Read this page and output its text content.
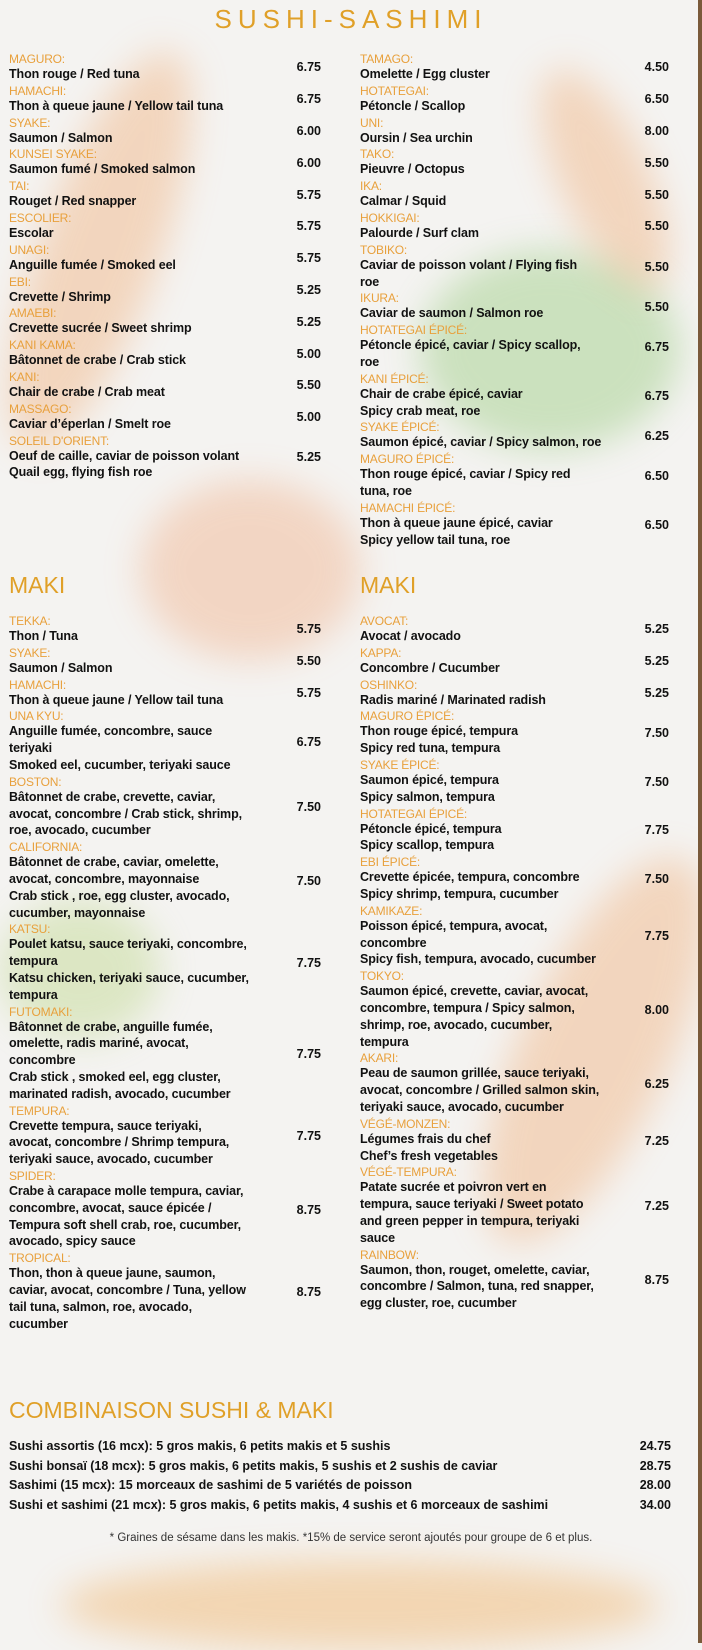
SUSHI-SASHIMI
MAGURO:
Thon rouge / Red tuna	6.75
HAMACHI:
Thon à queue jaune / Yellow tail tuna	6.75
SYAKE:
Saumon / Salmon	6.00
KUNSEI SYAKE:
Saumon fumé / Smoked salmon	6.00
TAI:
Rouget / Red snapper	5.75
ESCOLIER:
Escolar	5.75
UNAGI:
Anguille fumée / Smoked eel	5.75
EBI:
Crevette / Shrimp	5.25
AMAEBI:
Crevette sucrée / Sweet shrimp	5.25
KANI KAMA:
Bâtonnet de crabe / Crab stick	5.00
KANI:
Chair de crabe / Crab meat	5.50
MASSAGO:
Caviar d’éperlan / Smelt roe	5.00
SOLEIL D'ORIENT:
Oeuf de caille, caviar de poisson volant
Quail egg, flying fish roe
5.25
TAMAGO:
Omelette / Egg cluster	4.50
HOTATEGAI:
Pétoncle / Scallop	6.50
UNI:
Oursin / Sea urchin	8.00
TAKO:
Pieuvre / Octopus	5.50
IKA:
Calmar / Squid	5.50
HOKKIGAI:
Palourde / Surf clam	5.50
TOBIKO:
Caviar de poisson volant / Flying fish
roe
5.50
IKURA:
Caviar de saumon / Salmon roe	5.50
HOTATEGAI ÉPICÉ:
Pétoncle épicé, caviar / Spicy scallop,
roe
6.75
KANI ÉPICÉ:
Chair de crabe épicé, caviar
Spicy crab meat, roe
6.75
SYAKE ÉPICÉ:
Saumon épicé, caviar / Spicy salmon, roe	6.25
MAGURO ÉPICÉ:
Thon rouge épicé, caviar / Spicy red
tuna, roe
6.50
HAMACHI ÉPICÉ:
Thon à queue jaune épicé, caviar
Spicy yellow tail tuna, roe
6.50
MAKI	MAKI
TEKKA:
Thon / Tuna	5.75
SYAKE:
Saumon / Salmon	5.50
HAMACHI:
Thon à queue jaune / Yellow tail tuna	5.75
UNA KYU:
Anguille fumée, concombre, sauce
teriyaki
Smoked eel, cucumber, teriyaki sauce
6.75
BOSTON:
Bâtonnet de crabe, crevette, caviar,
avocat, concombre / Crab stick, shrimp,
roe, avocado, cucumber
7.50
CALIFORNIA:
Bâtonnet de crabe, caviar, omelette,
avocat, concombre, mayonnaise
Crab stick , roe, egg cluster, avocado,
cucumber, mayonnaise
7.50
KATSU:
Poulet katsu, sauce teriyaki, concombre,
tempura
Katsu chicken, teriyaki sauce, cucumber,
tempura
7.75
FUTOMAKI:
Bâtonnet de crabe, anguille fumée,
omelette, radis mariné, avocat,
concombre
Crab stick , smoked eel, egg cluster,
marinated radish, avocado, cucumber
7.75
TEMPURA:
Crevette tempura, sauce teriyaki,
avocat, concombre / Shrimp tempura,
teriyaki sauce, avocado, cucumber
7.75
SPIDER:
Crabe à carapace molle tempura, caviar,
concombre, avocat, sauce épicée /
Tempura soft shell crab, roe, cucumber,
avocado, spicy sauce
8.75
TROPICAL:
Thon, thon à queue jaune, saumon,
caviar, avocat, concombre / Tuna, yellow
tail tuna, salmon, roe, avocado,
cucumber
8.75
AVOCAT:
Avocat / avocado	5.25
KAPPA:
Concombre / Cucumber	5.25
OSHINKO:
Radis mariné / Marinated radish	5.25
MAGURO ÉPICÉ:
Thon rouge épicé, tempura
Spicy red tuna, tempura
7.50
SYAKE ÉPICÉ:
Saumon épicé, tempura
Spicy salmon, tempura
7.50
HOTATEGAI ÉPICÉ:
Pétoncle épicé, tempura
Spicy scallop, tempura
7.75
EBI ÉPICÉ:
Crevette épicée, tempura, concombre
Spicy shrimp, tempura, cucumber
7.50
KAMIKAZE:
Poisson épicé, tempura, avocat,
concombre
Spicy fish, tempura, avocado, cucumber
7.75
TOKYO:
Saumon épicé, crevette, caviar, avocat,
concombre, tempura / Spicy salmon,
shrimp, roe, avocado, cucumber,
tempura
8.00
AKARI:
Peau de saumon grillée, sauce teriyaki,
avocat, concombre / Grilled salmon skin,
teriyaki sauce, avocado, cucumber
6.25
VÉGÉ-MONZEN:
Légumes frais du chef
Chef’s fresh vegetables
7.25
VÉGÉ-TEMPURA:
Patate sucrée et poivron vert en
tempura, sauce teriyaki / Sweet potato
and green pepper in tempura, teriyaki
sauce
7.25
RAINBOW:
Saumon, thon, rouget, omelette, caviar,
concombre / Salmon, tuna, red snapper,
egg cluster, roe, cucumber
8.75
COMBINAISON SUSHI & MAKI
Sushi assortis (16 mcx): 5 gros makis, 6 petits makis et 5 sushis	24.75
Sushi bonsaï (18 mcx): 5 gros makis, 6 petits makis, 5 sushis et 2 sushis de caviar	28.75
Sashimi (15 mcx): 15 morceaux de sashimi de 5 variétés de poisson	28.00
Sushi et sashimi (21 mcx): 5 gros makis, 6 petits makis, 4 sushis et 6 morceaux de sashimi	34.00
* Graines de sésame dans les makis. *15% de service seront ajoutés pour groupe de 6 et plus.
